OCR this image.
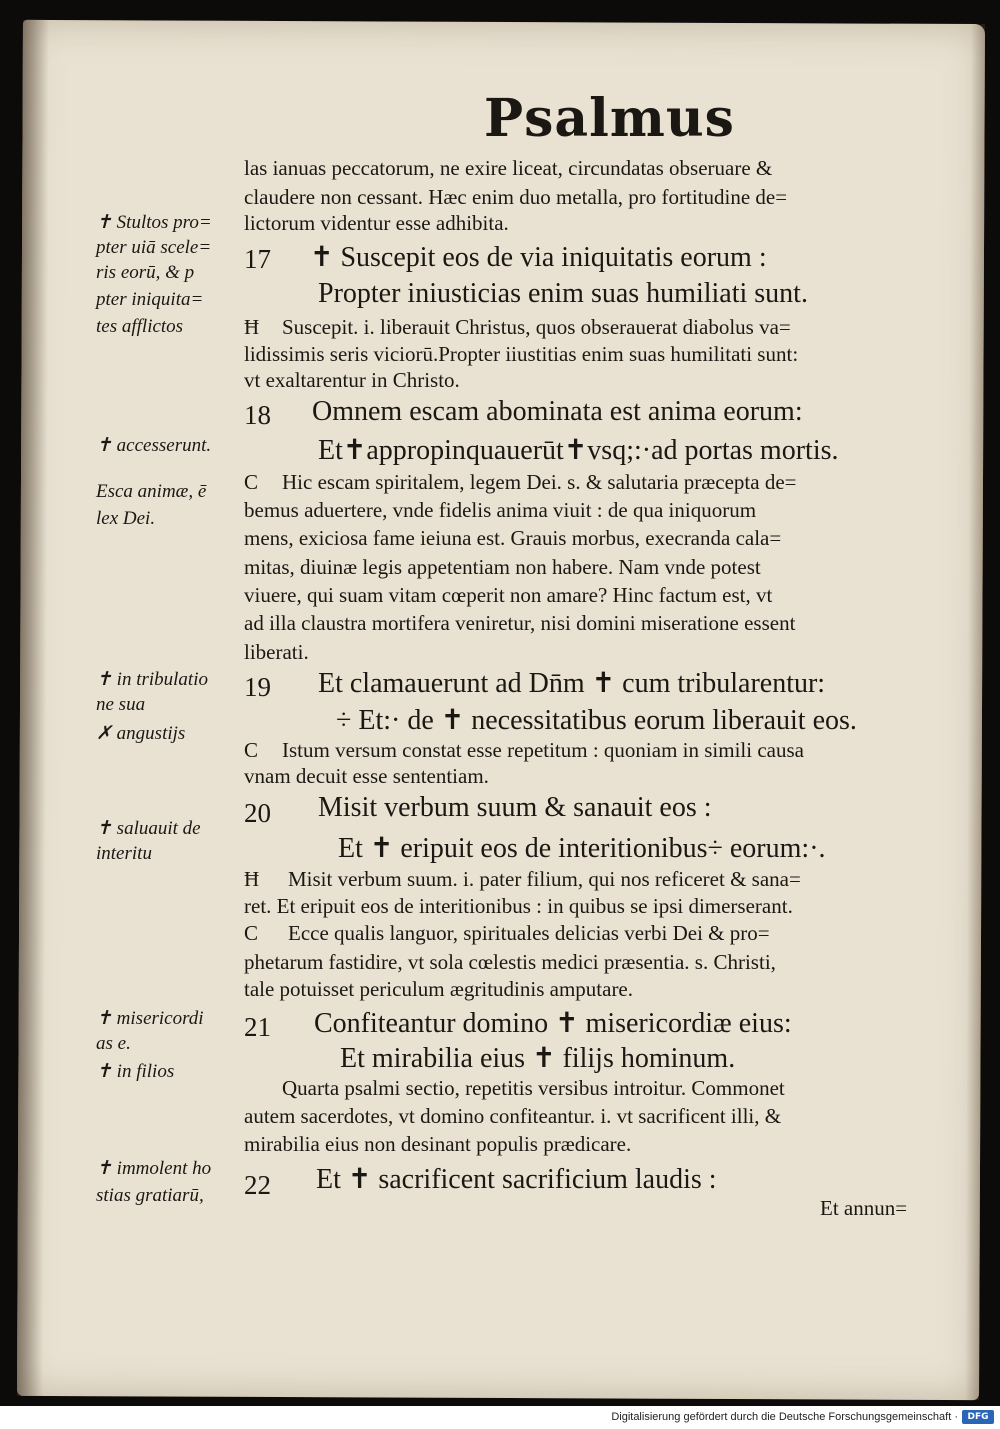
Psalmus
las ianuas peccatorum, ne exire liceat, circundatas obseruare &
claudere non cessant. Hæc enim duo metalla, pro fortitudine de=
lictorum videntur esse adhibita.
17 ✝ Suscepit eos de via iniquitatis eorum :
Propter iniusticias enim suas humiliati sunt.
Ħ Suscepit. i. liberauit Christus, quos obserauerat diabolus va=
lidissimis seris viciorū.Propter iiustitias enim suas humilitati sunt:
vt exaltarentur in Christo.
18 Omnem escam abominata est anima eorum:
Et✝appropinquauerūt✝vsq;:·ad portas mortis.
C Hic escam spiritalem, legem Dei. s. & salutaria præcepta de=
bemus aduertere, vnde fidelis anima viuit : de qua iniquorum
mens, exiciosa fame ieiuna est. Grauis morbus, execranda cala=
mitas, diuinæ legis appetentiam non habere. Nam vnde potest
viuere, qui suam vitam cœperit non amare? Hinc factum est, vt
ad illa claustra mortifera veniretur, nisi domini miseratione essent
liberati.
19 Et clamauerunt ad Dn̄m ✝ cum tribularentur:
÷ Et:· de ✝ necessitatibus eorum liberauit eos.
C Istum versum constat esse repetitum : quoniam in simili causa
vnam decuit esse sententiam.
20 Misit verbum suum & sanauit eos :
Et ✝ eripuit eos de interitionibus÷ eorum:·.
Ħ Misit verbum suum. i. pater filium, qui nos reficeret & sana=
ret. Et eripuit eos de interitionibus : in quibus se ipsi dimerserant.
C Ecce qualis languor, spirituales delicias verbi Dei & pro=
phetarum fastidire, vt sola cœlestis medici præsentia. s. Christi,
tale potuisset periculum ægritudinis amputare.
21 Confiteantur domino ✝ misericordiæ eius:
Et mirabilia eius ✝ filijs hominum.
Quarta psalmi sectio, repetitis versibus introitur. Commonet
autem sacerdotes, vt domino confiteantur. i. vt sacrificent illi, &
mirabilia eius non desinant populis prædicare.
22 Et ✝ sacrificent sacrificium laudis :
Et annun=
✝ Stultos pro=
pter uiā scele=
ris eorū, & p
pter iniquita=
tes afflictos
✝ accesserunt.
Esca animæ, ē
lex Dei.
✝ in tribulatio
ne sua
✗ angustijs
✝ saluauit de
interitu
✝ misericordi
as e.
✝ in filios
✝ immolent ho
stias gratiarū,
Digitalisierung gefördert durch die Deutsche Forschungsgemeinschaft ·	DFG
